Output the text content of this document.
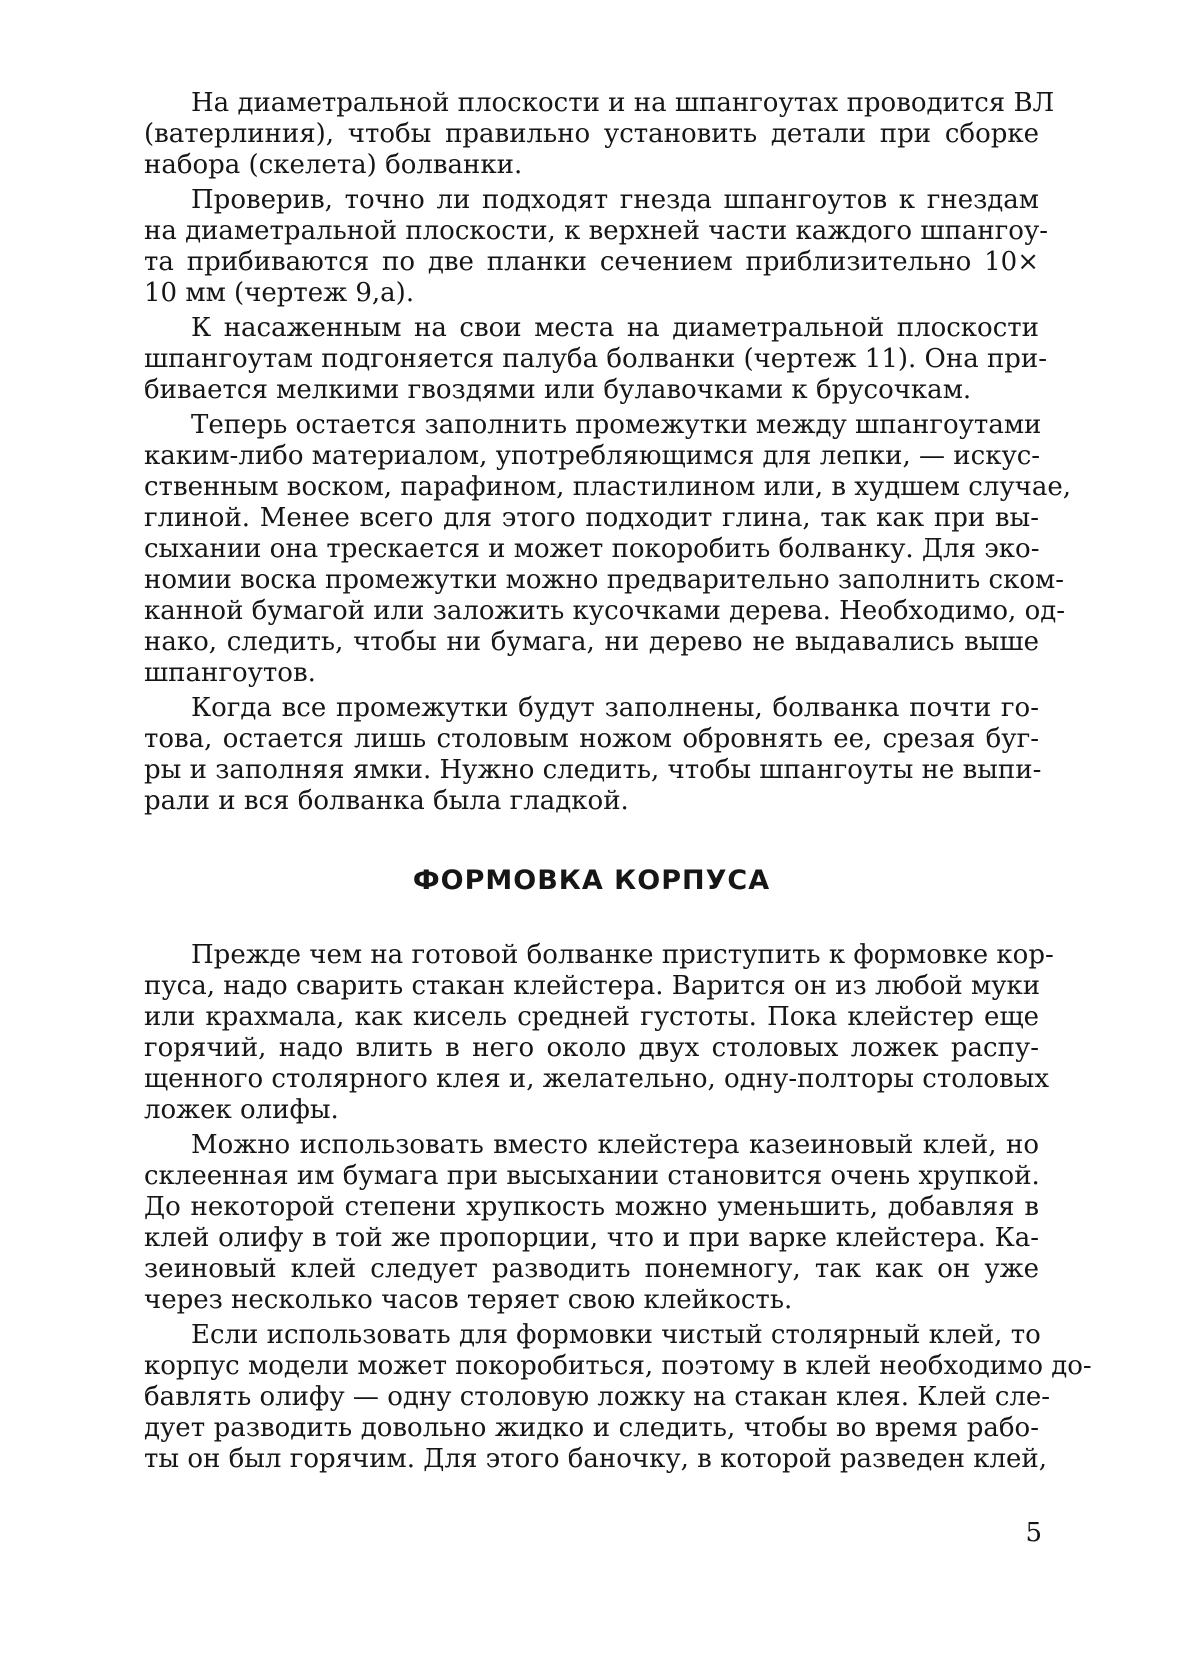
На диаметральной плоскости и на шпангоутах проводится ВЛ
(ватерлиния), чтобы правильно установить детали при сборке
набора (скелета) болванки.

Проверив, точно ли подходят гнезда шпангоутов к гнездам
на диаметральной плоскости, к верхней части каждого шпангоу-
та прибиваются по две планки сечением приблизительно 10×
10 мм (чертеж 9,а).

К насаженным на свои места на диаметральной плоскости
шпангоутам подгоняется палуба болванки (чертеж 11). Она при-
бивается мелкими гвоздями или булавочками к брусочкам.

Теперь остается заполнить промежутки между шпангоутами
каким-либо материалом, употребляющимся для лепки, — искус-
ственным воском, парафином, пластилином или, в худшем случае,
глиной. Менее всего для этого подходит глина, так как при вы-
сыхании она трескается и может покоробить болванку. Для эко-
номии воска промежутки можно предварительно заполнить ском-
канной бумагой или заложить кусочками дерева. Необходимо, од-
нако, следить, чтобы ни бумага, ни дерево не выдавались выше
шпангоутов.

Когда все промежутки будут заполнены, болванка почти го-
това, остается лишь столовым ножом обровнять ее, срезая буг-
ры и заполняя ямки. Нужно следить, чтобы шпангоуты не выпи-
рали и вся болванка была гладкой.

ФОРМОВКА КОРПУСА

Прежде чем на готовой болванке приступить к формовке кор-
пуса, надо сварить стакан клейстера. Варится он из любой муки
или крахмала, как кисель средней густоты. Пока клейстер еще
горячий, надо влить в него около двух столовых ложек распу-
щенного столярного клея и, желательно, одну-полторы столовых
ложек олифы.

Можно использовать вместо клейстера казеиновый клей, но
склеенная им бумага при высыхании становится очень хрупкой.
До некоторой степени хрупкость можно уменьшить, добавляя в
клей олифу в той же пропорции, что и при варке клейстера. Ка-
зеиновый клей следует разводить понемногу, так как он уже
через несколько часов теряет свою клейкость.

Если использовать для формовки чистый столярный клей, то
корпус модели может покоробиться, поэтому в клей необходимо до-
бавлять олифу — одну столовую ложку на стакан клея. Клей сле-
дует разводить довольно жидко и следить, чтобы во время рабо-
ты он был горячим. Для этого баночку, в которой разведен клей,

5
